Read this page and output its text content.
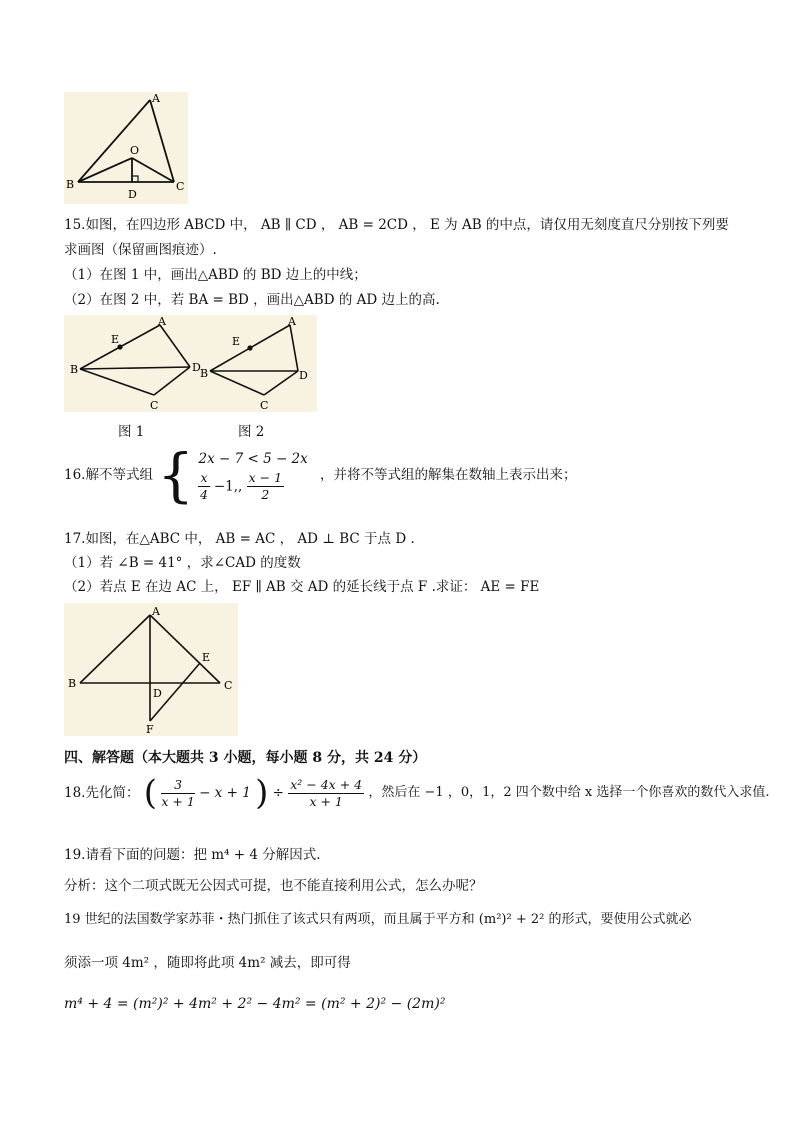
A
B	C
O
D
15.如图，在四边形 ABCD 中， AB ∥ CD ， AB = 2CD ， E 为 AB 的中点，请仅用无刻度直尺分别按下列要
求画图（保留画图痕迹）.
（1）在图 1 中，画出△ABD 的 BD 边上的中线；
（2）在图 2 中，若 BA = BD ，画出△ABD 的 AD 边上的高.
A
B
C
D
E
A
B
C
D
E
图 1	图 2
16.解不等式组 { 2x − 7 < 5 − 2x
$\frac{x}{4} -1$,, $\frac{x - 1}{2}$	，并将不等式组的解集在数轴上表示出来；
17.如图，在△ABC 中， AB = AC ， AD ⊥ BC 于点 D .
（1）若 ∠B = 41° ，求∠CAD 的度数
（2）若点 E 在边 AC 上， EF ∥ AB 交 AD 的延长线于点 F .求证： AE = FE
A
B	C
D
E
F
四、解答题（本大题共 3 小题，每小题 8 分，共 24 分）
18.先化简： ( $\frac{3}{x + 1} - x + 1$ ) ÷ $\frac{\text{x² − 4x + 4}}{x + 1}$ ，然后在 −1 ，0，1，2 四个数中给 x 选择一个你喜欢的数代入求值.
19.请看下面的问题：把 m⁴ + 4 分解因式.
分析：这个二项式既无公因式可提，也不能直接利用公式，怎么办呢？
19 世纪的法国数学家苏菲・热门抓住了该式只有两项，而且属于平方和 (m²)² + 2² 的形式，要使用公式就必
须添一项 4m² ，随即将此项 4m² 减去，即可得
m⁴ + 4 = (m²)² + 4m² + 2² − 4m² = (m² + 2)² − (2m)²
